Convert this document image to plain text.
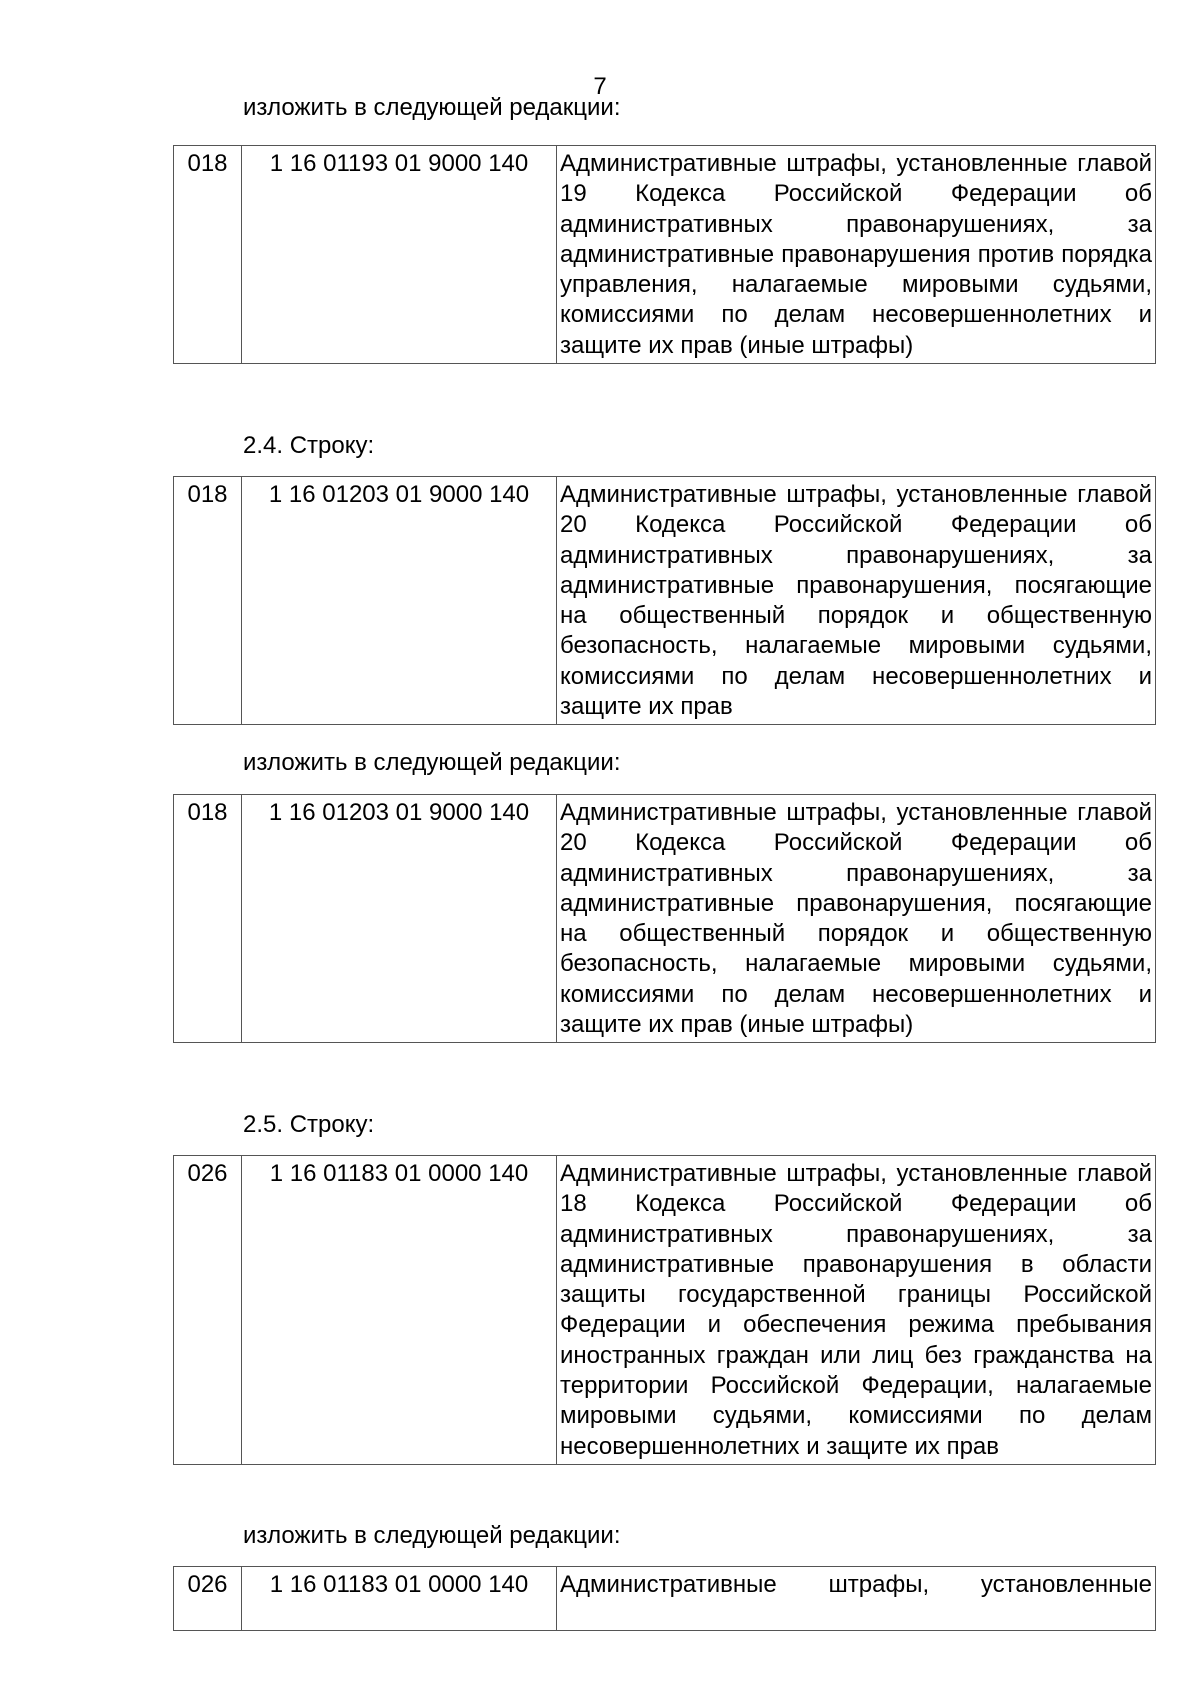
7
изложить в следующей редакции:
018	1 16 01193 01 9000 140	Административные штрафы, установленные главой 19 Кодекса Российской Федерации об административных правонарушениях, за административные правонарушения против порядка управления, налагаемые мировыми судьями, комиссиями по делам несовершеннолетних и защите их прав (иные штрафы)
2.4. Строку:
018	1 16 01203 01 9000 140	Административные штрафы, установленные главой 20 Кодекса Российской Федерации об административных правонарушениях, за административные правонарушения, посягающие на общественный порядок и общественную безопасность, налагаемые мировыми судьями, комиссиями по делам несовершеннолетних и защите их прав
изложить в следующей редакции:
018	1 16 01203 01 9000 140	Административные штрафы, установленные главой 20 Кодекса Российской Федерации об административных правонарушениях, за административные правонарушения, посягающие на общественный порядок и общественную безопасность, налагаемые мировыми судьями, комиссиями по делам несовершеннолетних и защите их прав (иные штрафы)
2.5. Строку:
026	1 16 01183 01 0000 140	Административные штрафы, установленные главой 18 Кодекса Российской Федерации об административных правонарушениях, за административные правонарушения в области защиты государственной границы Российской Федерации и обеспечения режима пребывания иностранных граждан или лиц без гражданства на территории Российской Федерации, налагаемые мировыми судьями, комиссиями по делам несовершеннолетних и защите их прав
изложить в следующей редакции:
026	1 16 01183 01 0000 140	Административные штрафы, установленные
